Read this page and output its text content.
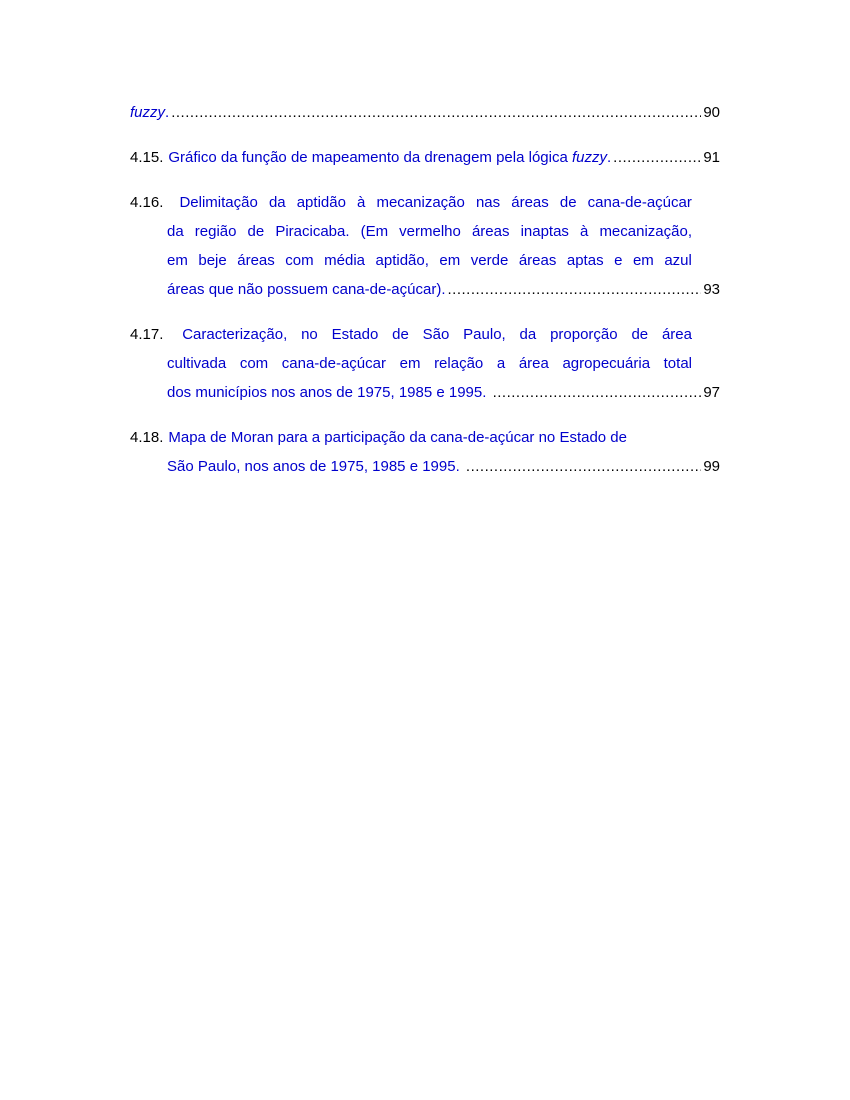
fuzzy . .....	90
4.15. Gráfico da função de mapeamento da drenagem pela lógica fuzzy . .....	91
4.16. Delimitação da aptidão à mecanização nas áreas de cana-de-açúcar
da região de Piracicaba. (Em vermelho áreas inaptas à mecanização,
em beje áreas com média aptidão, em verde áreas aptas e em azul
áreas que não possuem cana-de-açúcar). .....	93
4.17. Caracterização, no Estado de São Paulo, da proporção de área
cultivada com cana-de-açúcar em relação a área agropecuária total
dos municípios nos anos de 1975, 1985 e 1995. .....	97
4.18. Mapa de Moran para a participação da cana-de-açúcar no Estado de
São Paulo, nos anos de 1975, 1985 e 1995. .....	99
